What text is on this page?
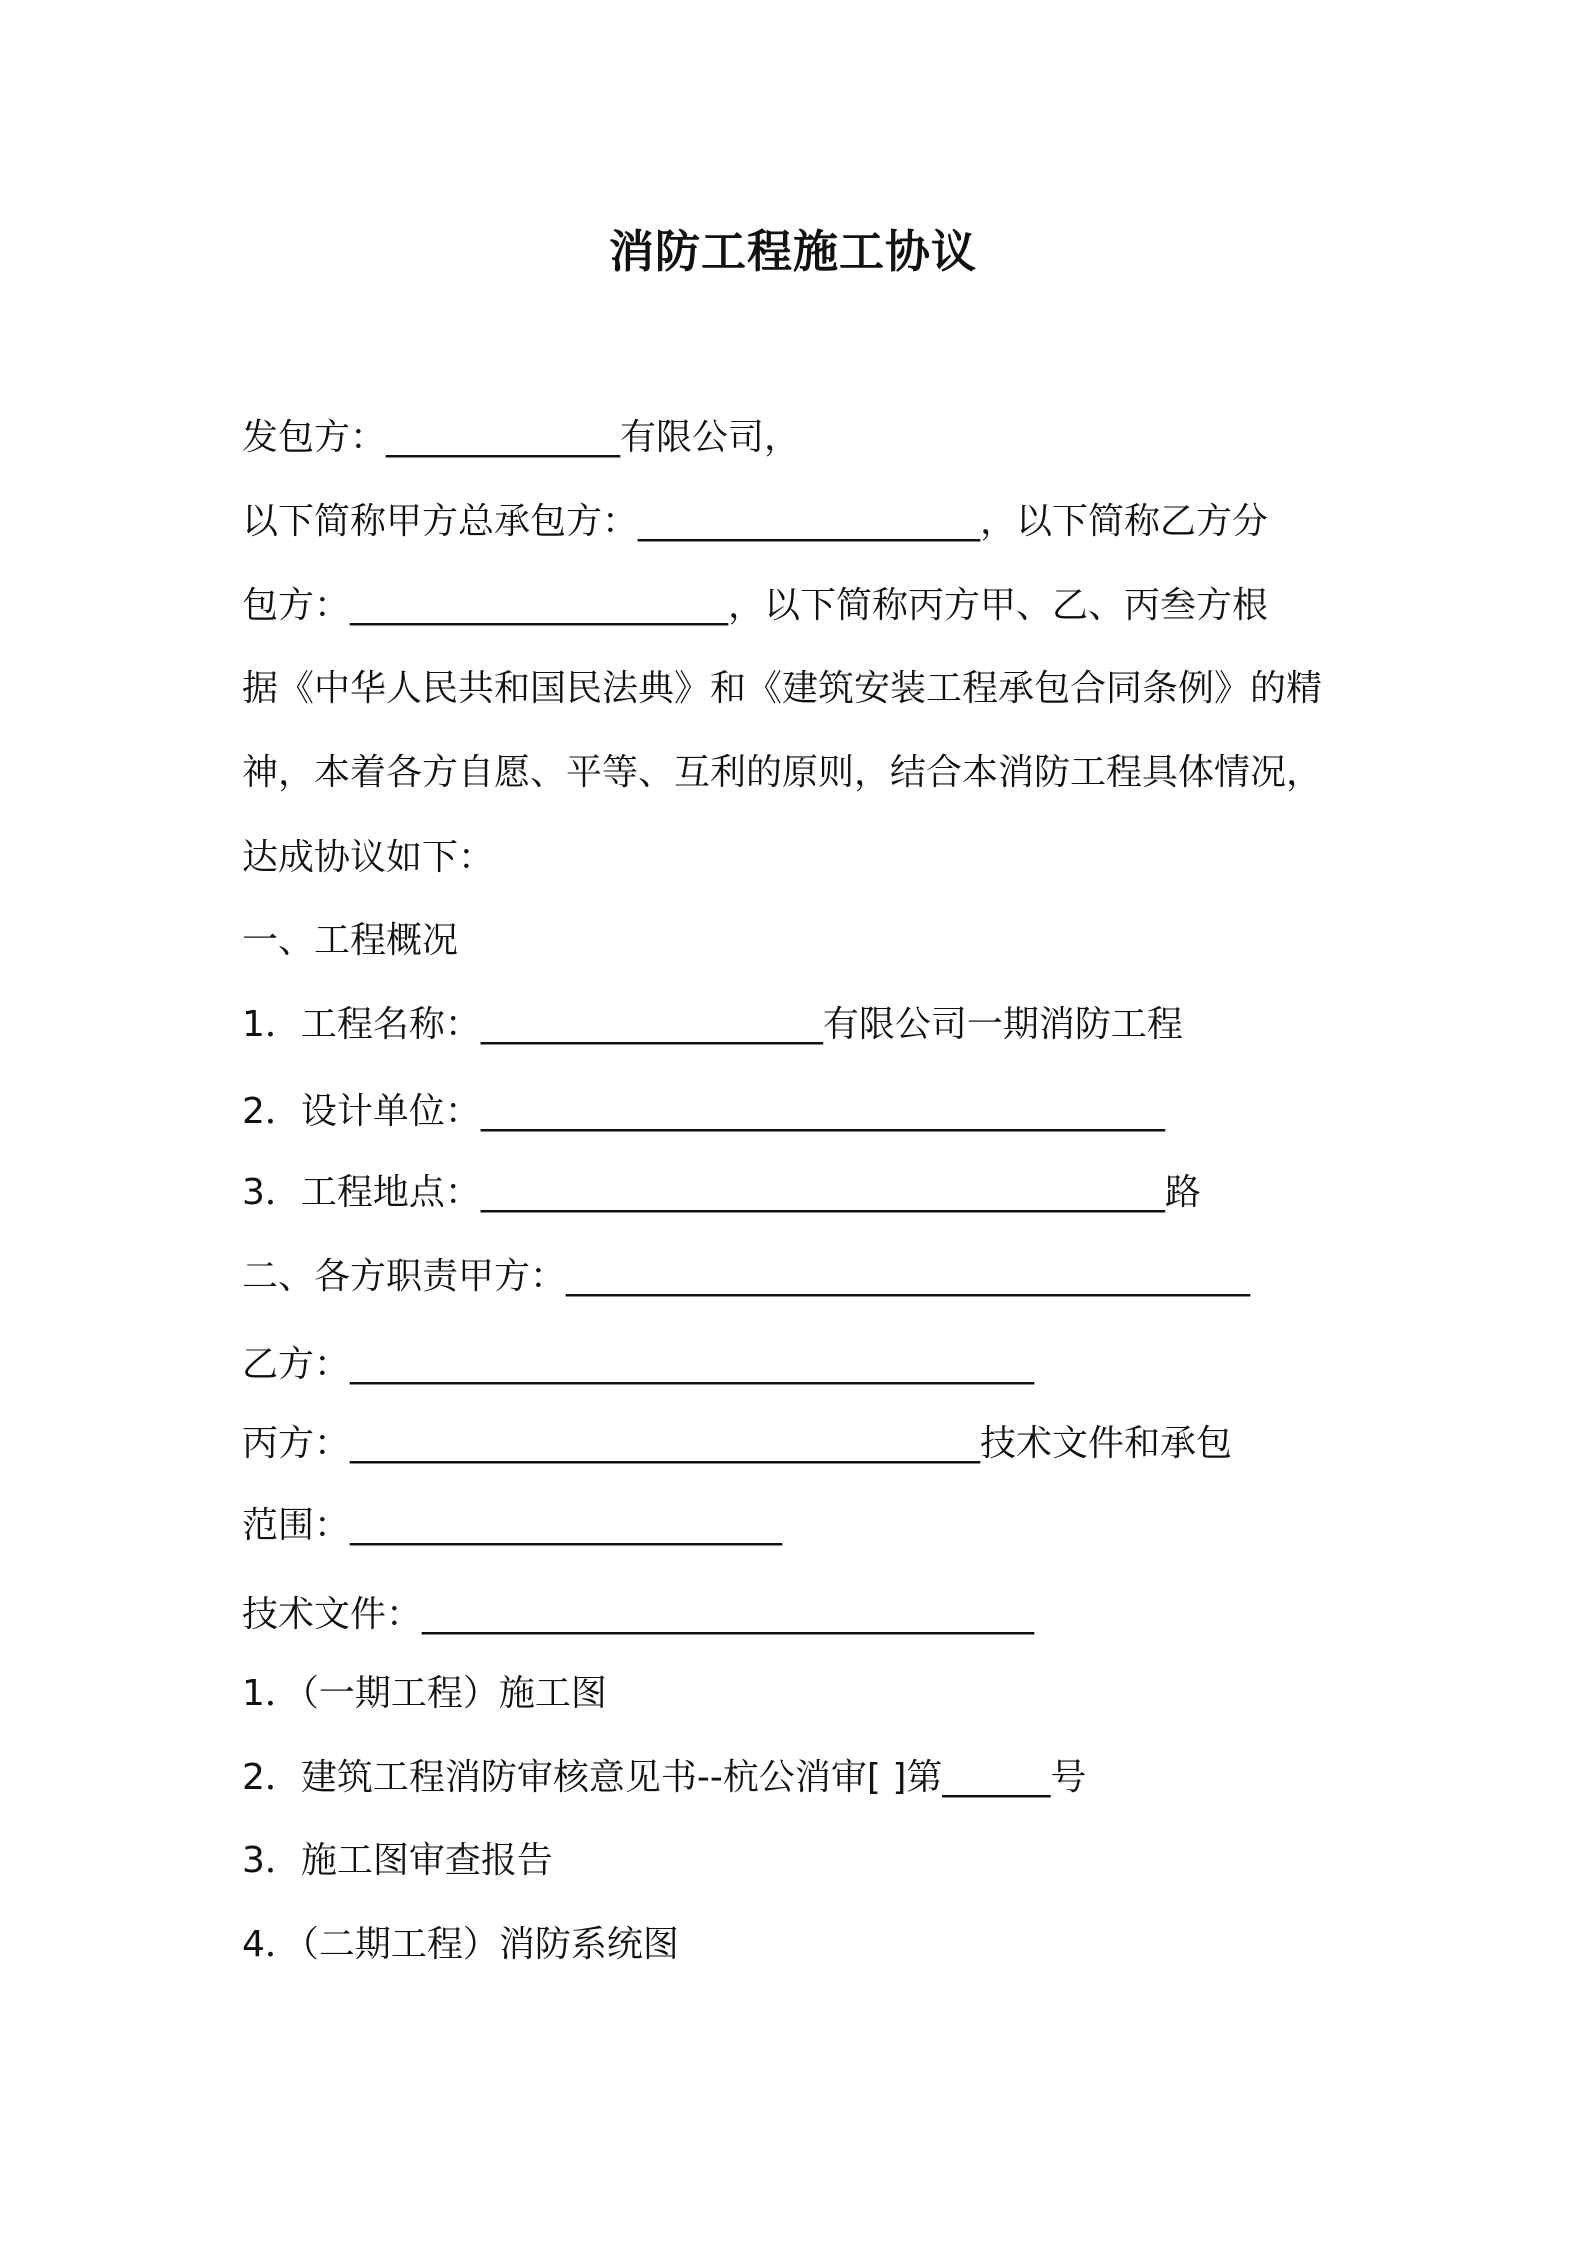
消防工程施工协议
发包方：_____________有限公司，
以下简称甲方总承包方：___________________，以下简称乙方分
包方：_____________________，以下简称丙方甲、乙、丙叁方根
据《中华人民共和国民法典》和《建筑安装工程承包合同条例》的精
神，本着各方自愿、平等、互利的原则，结合本消防工程具体情况，
达成协议如下：
一、工程概况
1．工程名称：___________________有限公司一期消防工程
2．设计单位：______________________________________
3．工程地点：______________________________________路
二、各方职责甲方：______________________________________
乙方：______________________________________
丙方：___________________________________技术文件和承包
范围：________________________
技术文件：__________________________________
1．（一期工程）施工图
2．建筑工程消防审核意见书--杭公消审[ ]第______号
3．施工图审查报告
4．（二期工程）消防系统图
